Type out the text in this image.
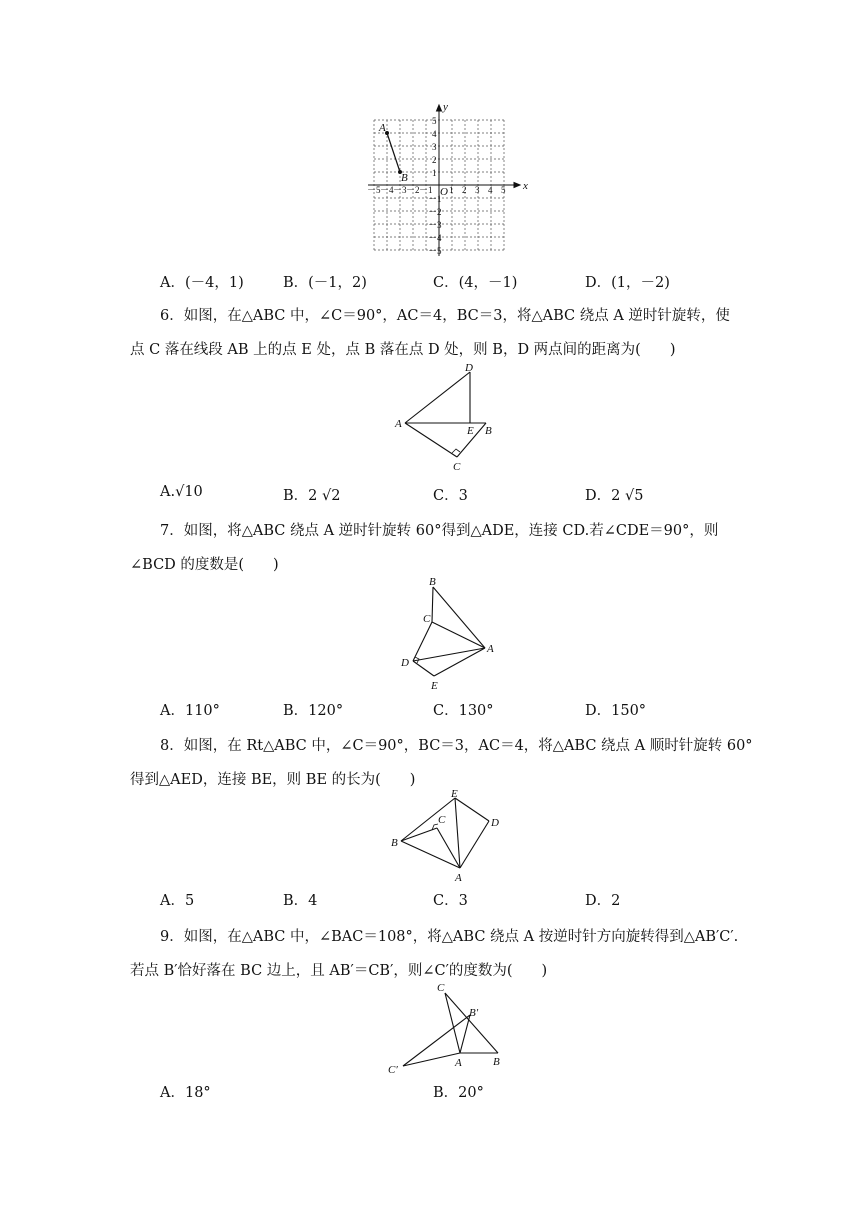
x
y
O
A
B
－5 －4 －3 －2 －1 1 2 3 4 5
5
4
3
2
1
－1
－2
－3
－4
－5
A．(－4，1)	B．(－1，2)	C．(4，－1)	D．(1，－2)
6．如图，在△ABC 中，∠C＝90°，AC＝4，BC＝3，将△ABC 绕点 A 逆时针旋转，使
点 C 落在线段 AB 上的点 E 处，点 B 落在点 D 处，则 B，D 两点间的距离为(　　)
D
A
E B
C
A.√10	B．2 √2	C．3	D．2 √5
7．如图，将△ABC 绕点 A 逆时针旋转 60°得到△ADE，连接 CD.若∠CDE＝90°，则
∠BCD 的度数是(　　)
B
C
A
D
E
A．110°	B．120°	C．130°	D．150°
8．如图，在 Rt△ABC 中，∠C＝90°，BC＝3，AC＝4，将△ABC 绕点 A 顺时针旋转 60°
得到△AED，连接 BE，则 BE 的长为(　　)
E
D
C
B
A
A．5	B．4	C．3	D．2
9．如图，在△ABC 中，∠BAC＝108°，将△ABC 绕点 A 按逆时针方向旋转得到△AB′C′.
若点 B′恰好落在 BC 边上，且 AB′＝CB′，则∠C′的度数为(　　)
C
B′
A	B
C′
A．18°	B．20°
